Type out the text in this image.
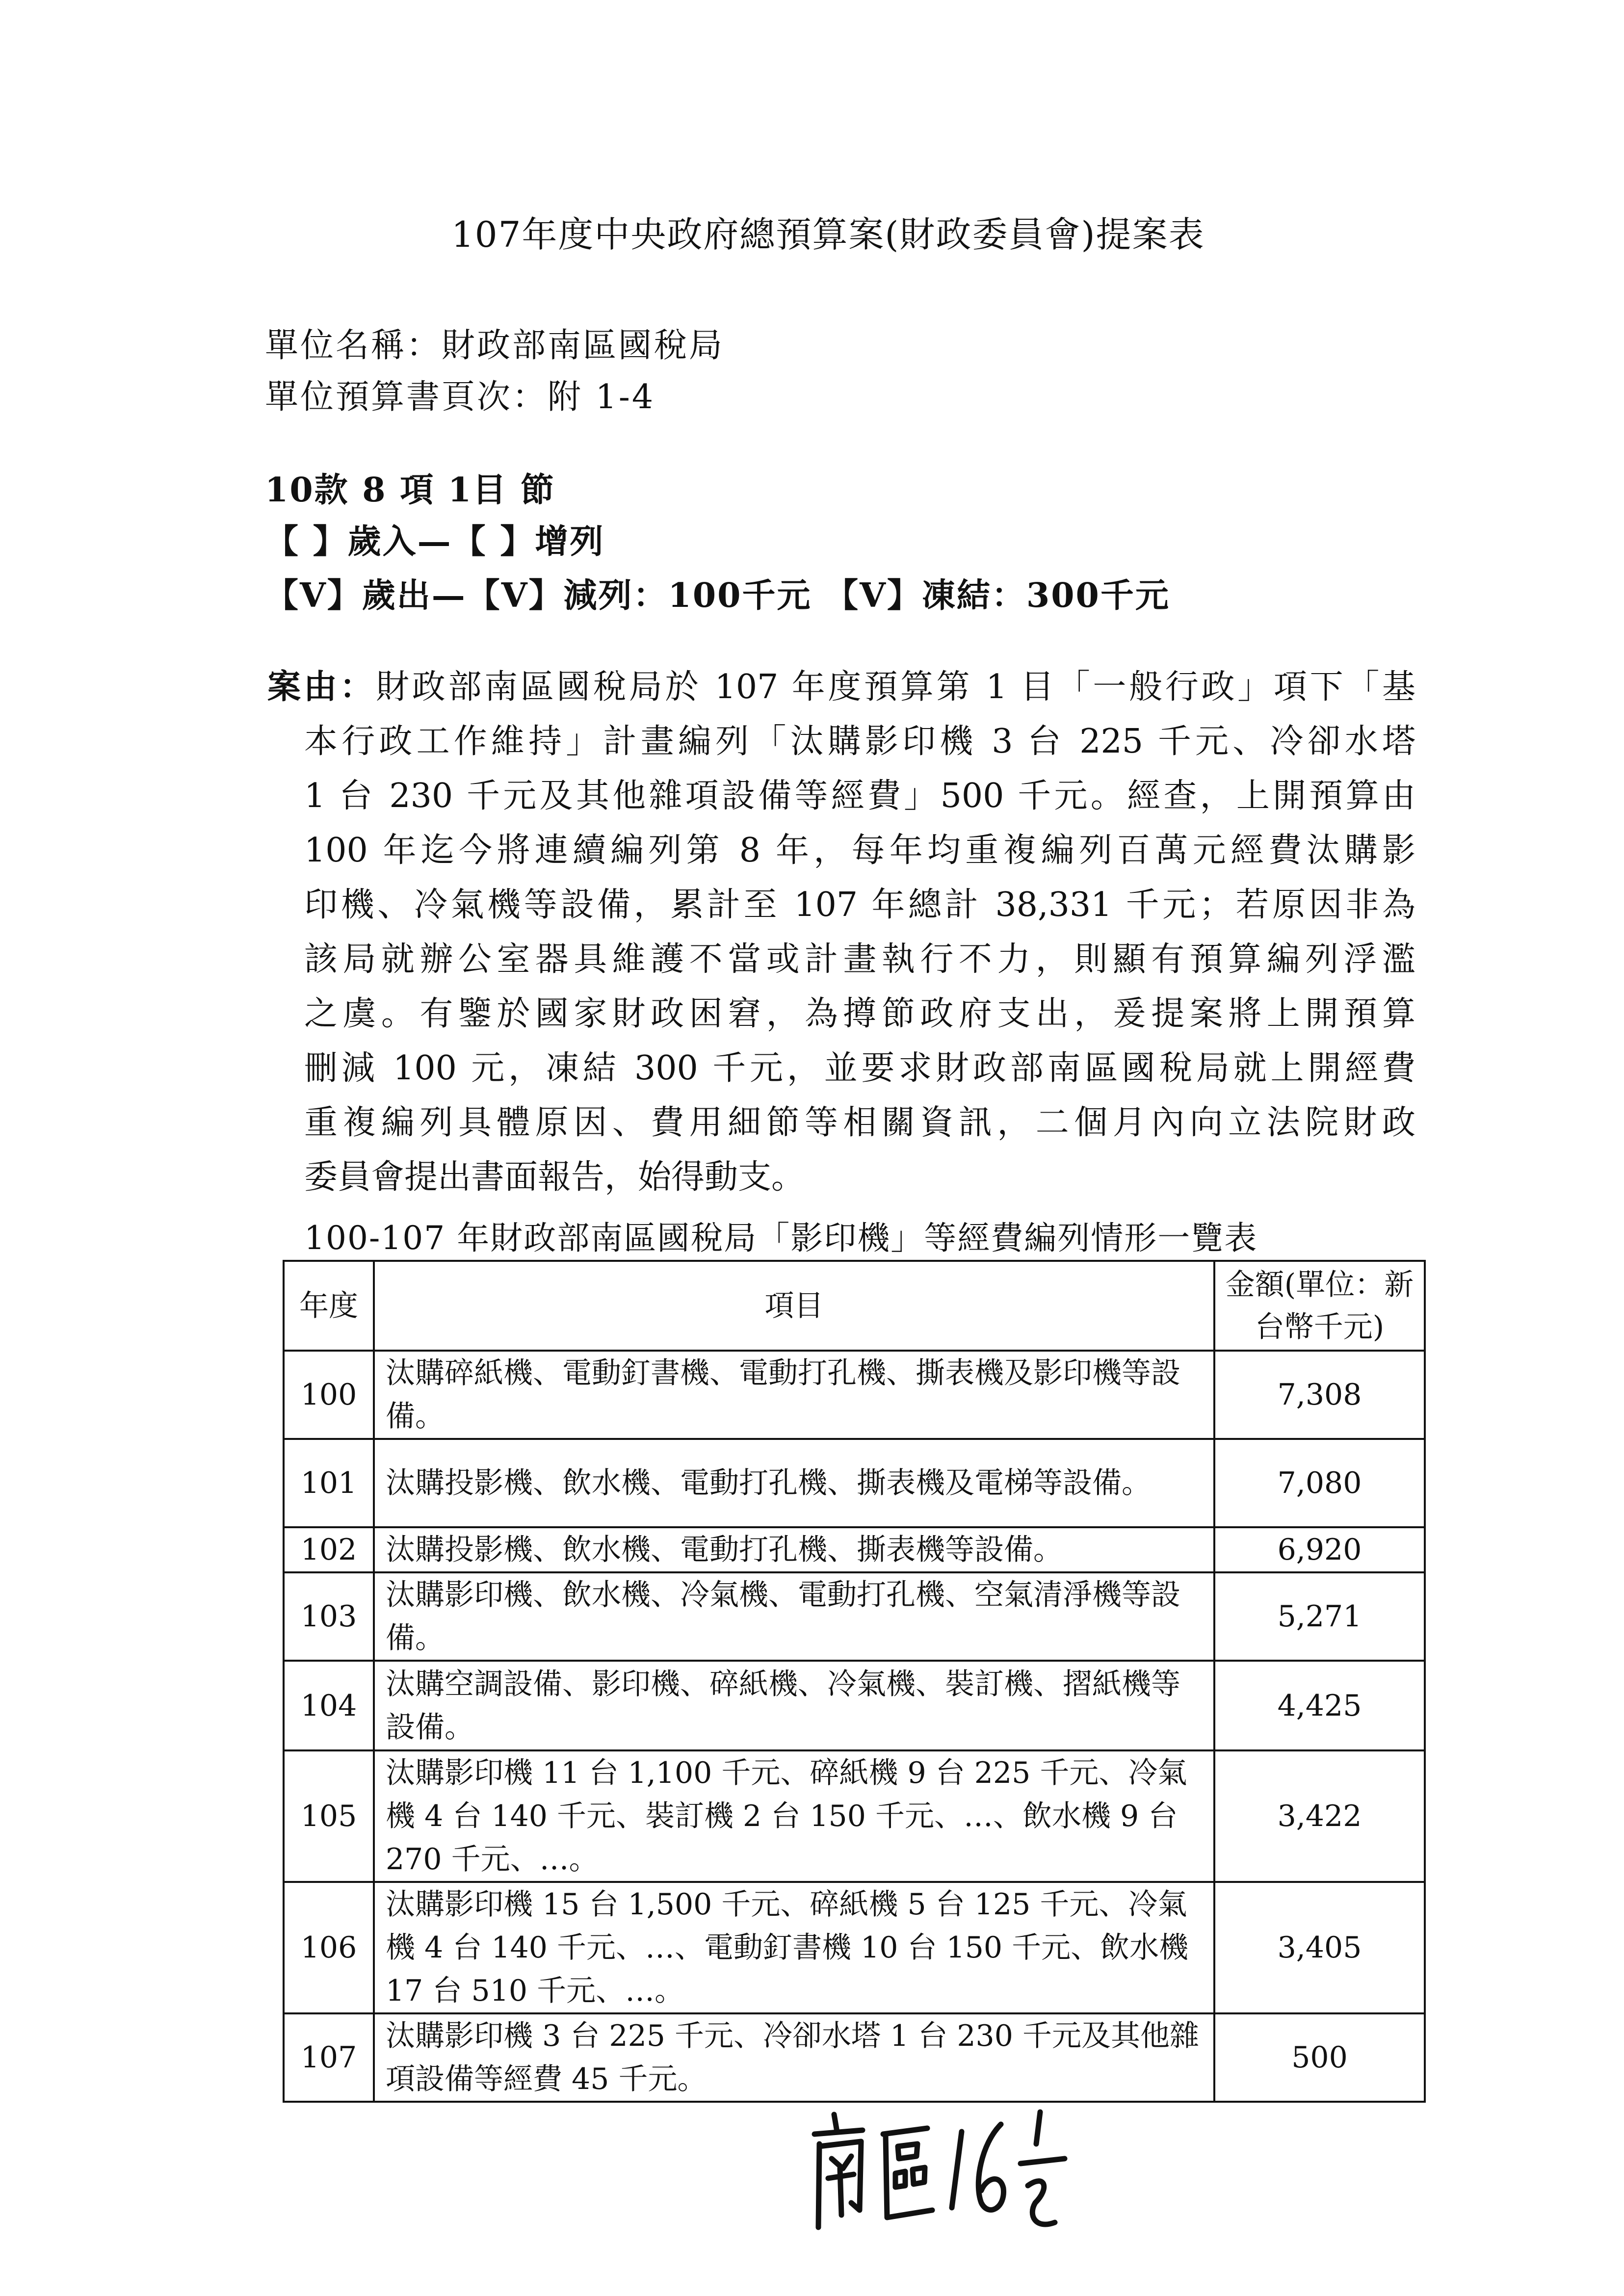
107年度中央政府總預算案(財政委員會)提案表
單位名稱：財政部南區國稅局
單位預算書頁次：附 1-4
10款 8 項 1目 節
【 】歲入—【 】增列
【V】歲出—【V】減列：100千元 【V】凍結：300千元
案由：財政部南區國稅局於 107 年度預算第 1 目「一般行政」項下「基
本行政工作維持」計畫編列「汰購影印機 3 台 225 千元、冷卻水塔
1 台 230 千元及其他雜項設備等經費」500 千元。經查，上開預算由
100 年迄今將連續編列第 8 年，每年均重複編列百萬元經費汰購影
印機、冷氣機等設備，累計至 107 年總計 38,331 千元；若原因非為
該局就辦公室器具維護不當或計畫執行不力，則顯有預算編列浮濫
之虞。有鑒於國家財政困窘，為撙節政府支出，爰提案將上開預算
刪減 100 元，凍結 300 千元，並要求財政部南區國稅局就上開經費
重複編列具體原因、費用細節等相關資訊，二個月內向立法院財政
委員會提出書面報告，始得動支。
100-107 年財政部南區國稅局「影印機」等經費編列情形一覽表
年度	項目	金額(單位：新台幣千元)
100	汰購碎紙機、電動釘書機、電動打孔機、撕表機及影印機等設備。	7,308
101	汰購投影機、飲水機、電動打孔機、撕表機及電梯等設備。	7,080
102	汰購投影機、飲水機、電動打孔機、撕表機等設備。	6,920
103	汰購影印機、飲水機、冷氣機、電動打孔機、空氣清淨機等設備。	5,271
104	汰購空調設備、影印機、碎紙機、冷氣機、裝訂機、摺紙機等設備。	4,425
105	汰購影印機 11 台 1,100 千元、碎紙機 9 台 225 千元、冷氣機 4 台 140 千元、裝訂機 2 台 150 千元、…、飲水機 9 台 270 千元、…。	3,422
106	汰購影印機 15 台 1,500 千元、碎紙機 5 台 125 千元、冷氣機 4 台 140 千元、…、電動釘書機 10 台 150 千元、飲水機 17 台 510 千元、…。	3,405
107	汰購影印機 3 台 225 千元、冷卻水塔 1 台 230 千元及其他雜項設備等經費 45 千元。	500
